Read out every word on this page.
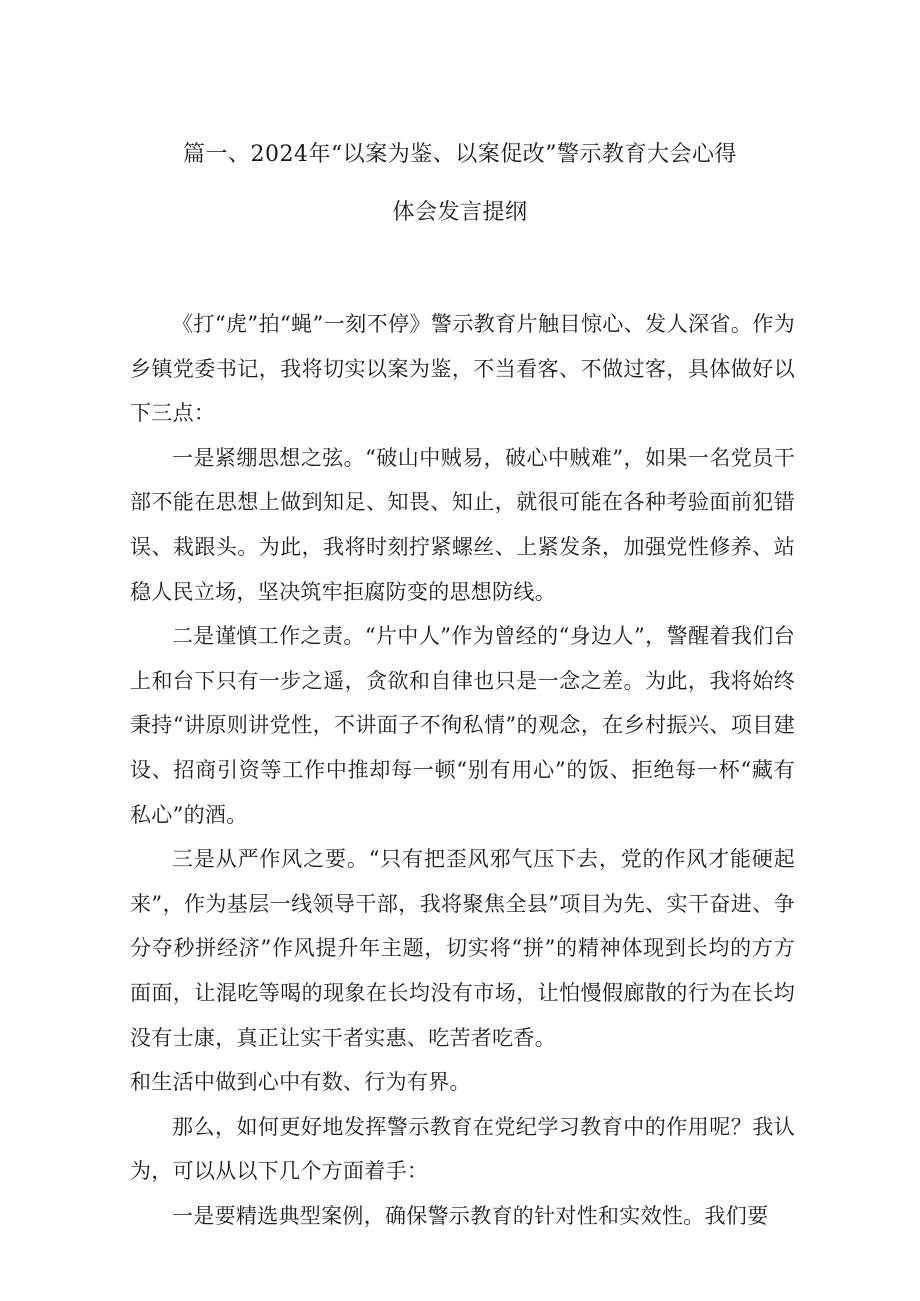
篇一、2024年“以案为鉴、以案促改”警示教育大会心得
体会发言提纲

《打“虎”拍“蝇”一刻不停》警示教育片触目惊心、发人深省。作为乡镇党委书记，我将切实以案为鉴，不当看客、不做过客，具体做好以下三点：

一是紧绷思想之弦。“破山中贼易，破心中贼难”，如果一名党员干部不能在思想上做到知足、知畏、知止，就很可能在各种考验面前犯错误、栽跟头。为此，我将时刻拧紧螺丝、上紧发条，加强党性修养、站稳人民立场，坚决筑牢拒腐防变的思想防线。

二是谨慎工作之责。“片中人”作为曾经的“身边人”，警醒着我们台上和台下只有一步之遥，贪欲和自律也只是一念之差。为此，我将始终秉持“讲原则讲党性，不讲面子不徇私情”的观念，在乡村振兴、项目建设、招商引资等工作中推却每一顿“别有用心”的饭、拒绝每一杯“藏有私心”的酒。

三是从严作风之要。“只有把歪风邪气压下去，党的作风才能硬起来”，作为基层一线领导干部，我将聚焦全县”项目为先、实干奋进、争分夺秒拼经济”作风提升年主题，切实将“拼”的精神体现到长均的方方面面，让混吃等喝的现象在长均没有市场，让怕慢假廊散的行为在长均没有士康，真正让实干者实惠、吃苦者吃香。

和生活中做到心中有数、行为有界。

那么，如何更好地发挥警示教育在党纪学习教育中的作用呢？我认为，可以从以下几个方面着手：

一是要精选典型案例，确保警示教育的针对性和实效性。我们要
